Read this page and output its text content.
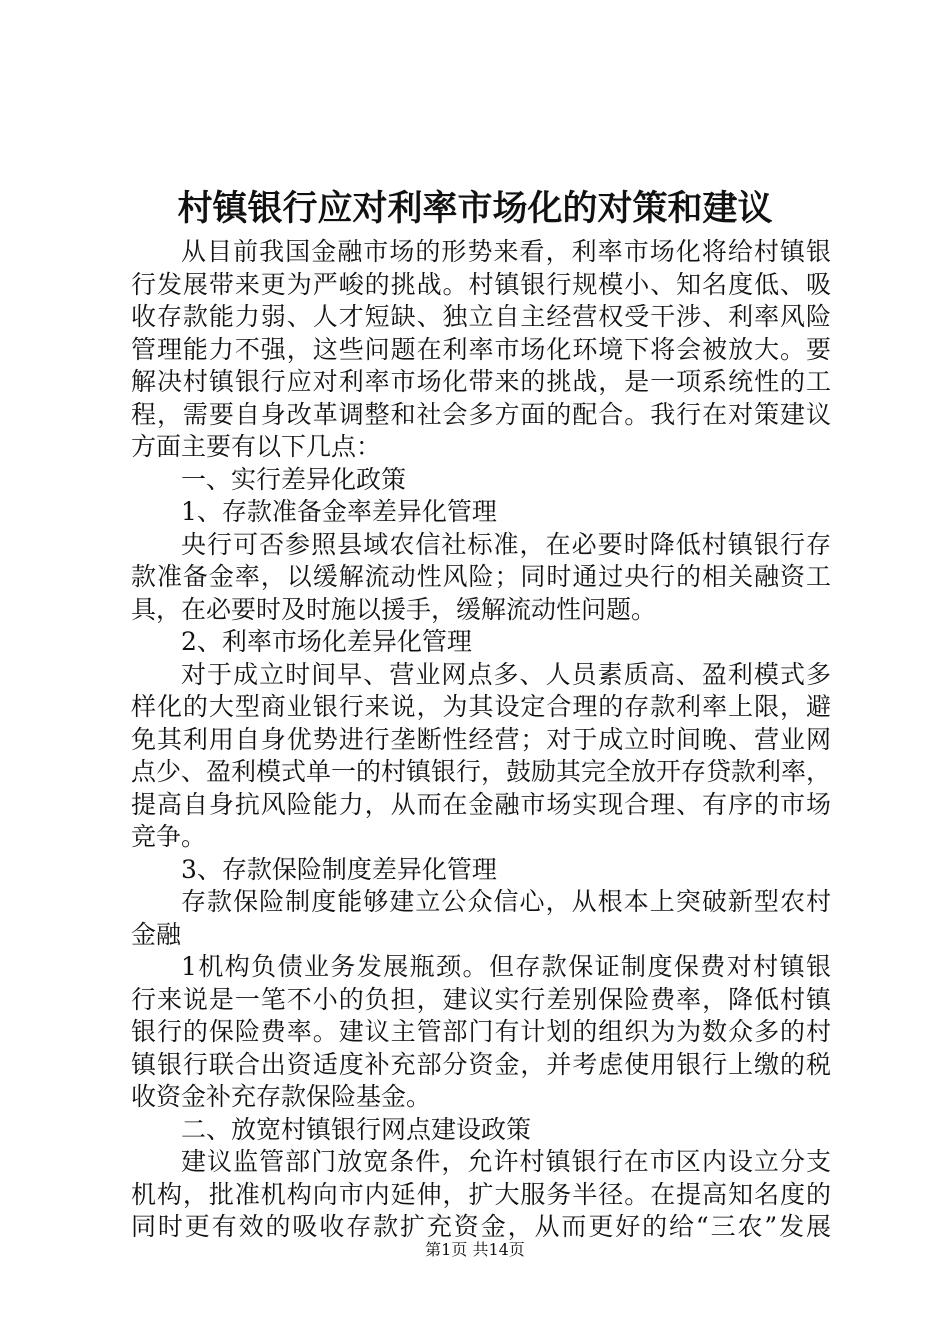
村镇银行应对利率市场化的对策和建议
从目前我国金融市场的形势来看，利率市场化将给村镇银
行发展带来更为严峻的挑战。村镇银行规模小、知名度低、吸
收存款能力弱、人才短缺、独立自主经营权受干涉、利率风险
管理能力不强，这些问题在利率市场化环境下将会被放大。要
解决村镇银行应对利率市场化带来的挑战，是一项系统性的工
程，需要自身改革调整和社会多方面的配合。我行在对策建议
方面主要有以下几点：
一、实行差异化政策
1、存款准备金率差异化管理
央行可否参照县域农信社标准，在必要时降低村镇银行存
款准备金率，以缓解流动性风险；同时通过央行的相关融资工
具，在必要时及时施以援手，缓解流动性问题。
2、利率市场化差异化管理
对于成立时间早、营业网点多、人员素质高、盈利模式多
样化的大型商业银行来说，为其设定合理的存款利率上限，避
免其利用自身优势进行垄断性经营；对于成立时间晚、营业网
点少、盈利模式单一的村镇银行，鼓励其完全放开存贷款利率，
提高自身抗风险能力，从而在金融市场实现合理、有序的市场
竞争。
3、存款保险制度差异化管理
存款保险制度能够建立公众信心，从根本上突破新型农村
金融
1机构负债业务发展瓶颈。但存款保证制度保费对村镇银
行来说是一笔不小的负担，建议实行差别保险费率，降低村镇
银行的保险费率。建议主管部门有计划的组织为为数众多的村
镇银行联合出资适度补充部分资金，并考虑使用银行上缴的税
收资金补充存款保险基金。
二、放宽村镇银行网点建设政策
建议监管部门放宽条件，允许村镇银行在市区内设立分支
机构，批准机构向市内延伸，扩大服务半径。在提高知名度的
同时更有效的吸收存款扩充资金，从而更好的给“三农”发展
第1页 共14页
